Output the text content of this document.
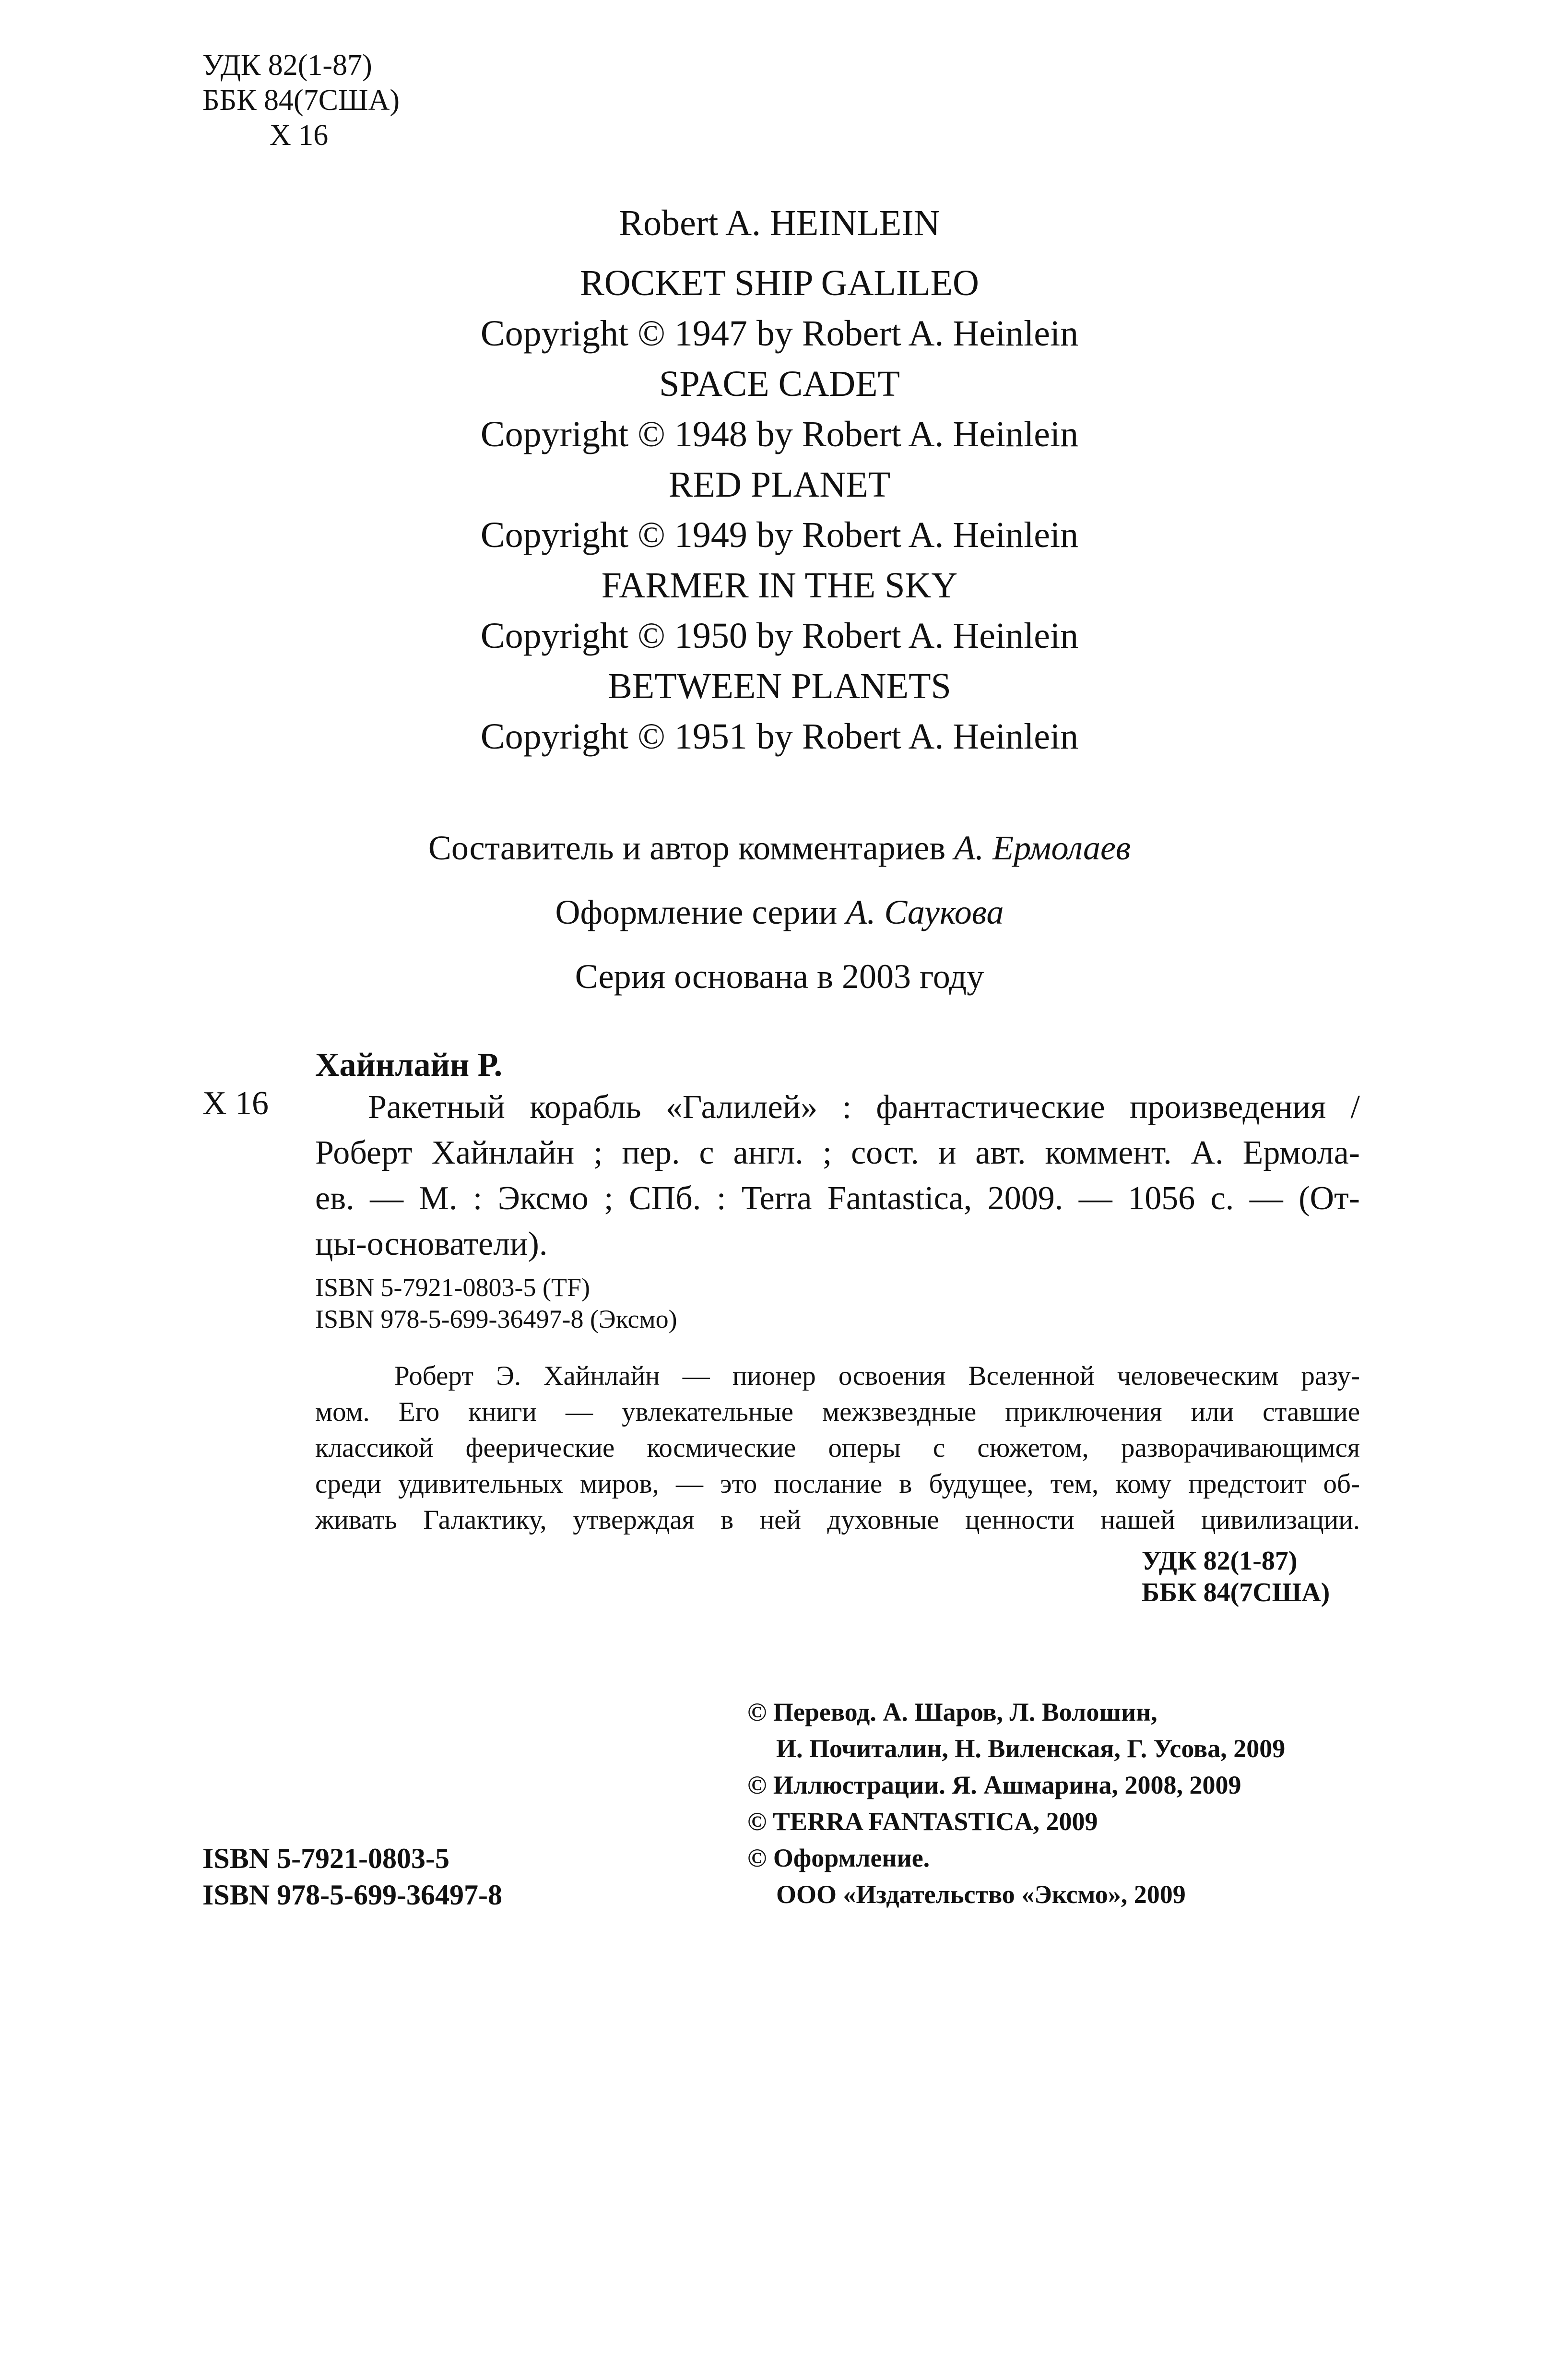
УДК 82(1-87)
ББК 84(7США)
Х 16
Robert A. HEINLEIN
ROCKET SHIP GALILEO
Copyright © 1947 by Robert A. Heinlein
SPACE CADET
Copyright © 1948 by Robert A. Heinlein
RED PLANET
Copyright © 1949 by Robert A. Heinlein
FARMER IN THE SKY
Copyright © 1950 by Robert A. Heinlein
BETWEEN PLANETS
Copyright © 1951 by Robert A. Heinlein
Составитель и автор комментариев А. Ермолаев
Оформление серии А. Саукова
Серия основана в 2003 году
Хайнлайн Р.
Х 16	Ракетный корабль «Галилей» : фантастические произведения /
Роберт Хайнлайн ; пер. с англ. ; сост. и авт. коммент. А. Ермола-
ев. — М. : Эксмо ; СПб. : Terra Fantastica, 2009. — 1056 с. — (От-
цы-основатели).
ISBN 5-7921-0803-5 (TF)
ISBN 978-5-699-36497-8 (Эксмо)
Роберт Э. Хайнлайн — пионер освоения Вселенной человеческим разу-
мом. Его книги — увлекательные межзвездные приключения или ставшие
классикой феерические космические оперы с сюжетом, разворачивающимся
среди удивительных миров, — это послание в будущее, тем, кому предстоит об-
живать Галактику, утверждая в ней духовные ценности нашей цивилизации.
УДК 82(1-87)
ББК 84(7США)
© Перевод. А. Шаров, Л. Волошин,
И. Почиталин, Н. Виленская, Г. Усова, 2009
© Иллюстрации. Я. Ашмарина, 2008, 2009
© TERRA FANTASTICA, 2009
© Оформление.
ООО «Издательство «Эксмо», 2009
ISBN 5-7921-0803-5
ISBN 978-5-699-36497-8
